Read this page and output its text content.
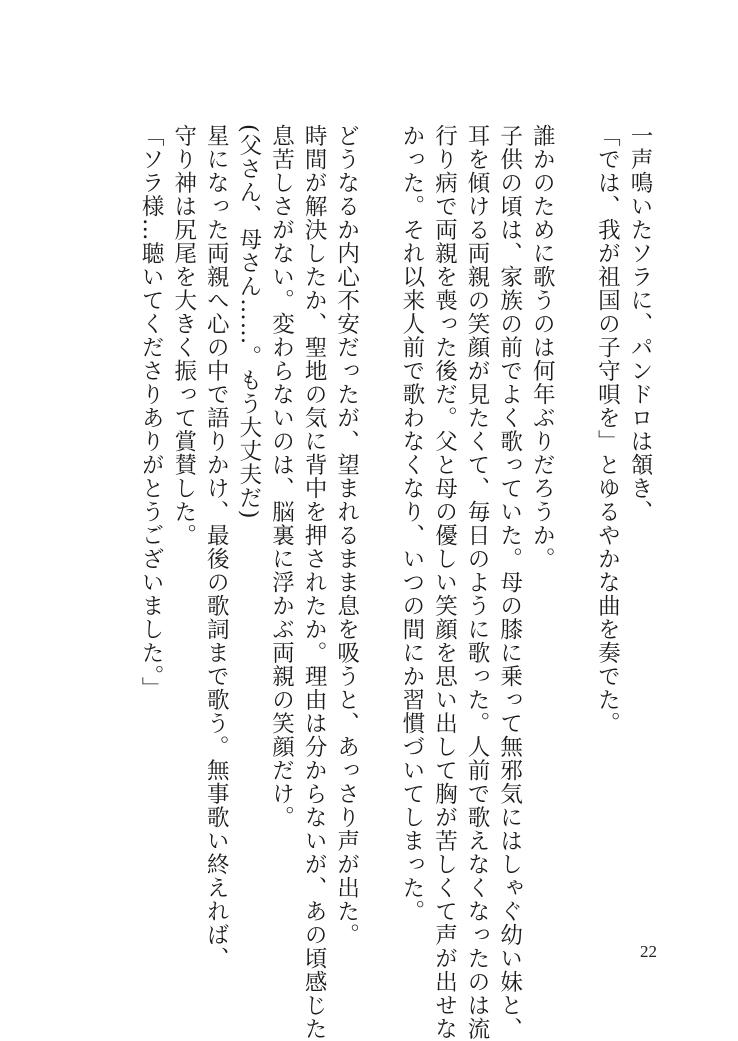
一声鳴いたソラに、パンドロは頷き、
「では、我が祖国の子守唄を」とゆるやかな曲を奏でた。
誰かのために歌うのは何年ぶりだろうか。
子供の頃は、家族の前でよく歌っていた。母の膝に乗って無邪気にはしゃぐ幼い妹と、
耳を傾ける両親の笑顔が見たくて、毎日のように歌った。人前で歌えなくなったのは流
行り病で両親を喪った後だ。父と母の優しい笑顔を思い出して胸が苦しくて声が出せな
かった。それ以来人前で歌わなくなり、いつの間にか習慣づいてしまった。
どうなるか内心不安だったが、望まれるまま息を吸うと、あっさり声が出た。
時間が解決したか、聖地の気に背中を押されたか。理由は分からないが、あの頃感じた
息苦しさがない。変わらないのは、脳裏に浮かぶ両親の笑顔だけ。
(父さん、母さん……。もう大丈夫だ)
星になった両親へ心の中で語りかけ、最後の歌詞まで歌う。無事歌い終えれば、
守り神は尻尾を大きく振って賞賛した。
「ソラ様…聴いてくださりありがとうございました。」
22
